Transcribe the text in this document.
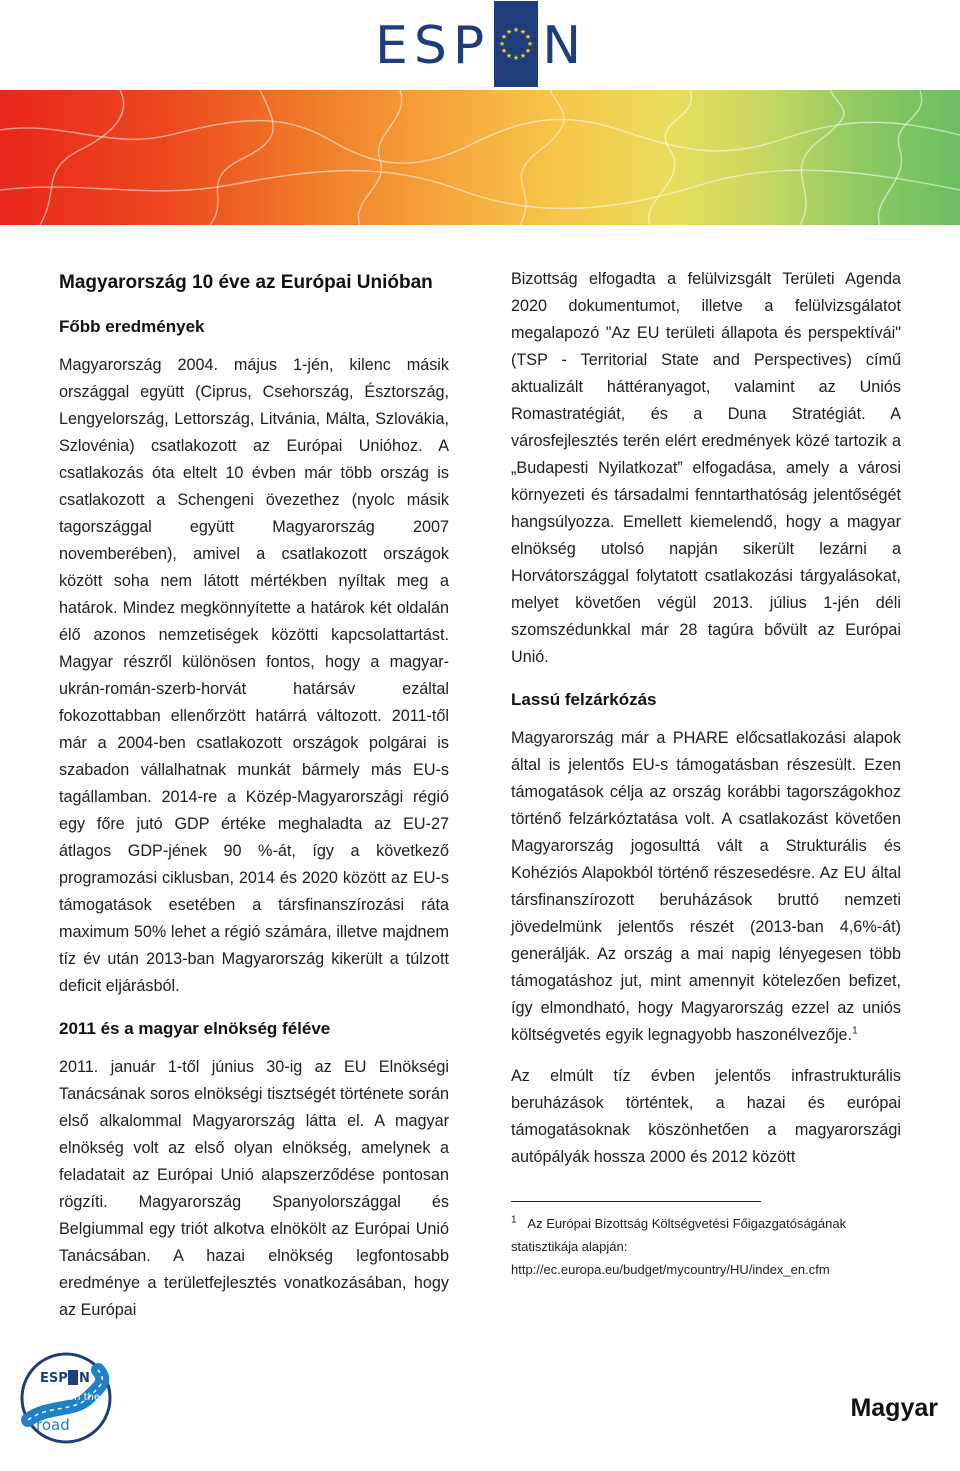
ESP	★ ★
★
★
★
★
★
★
★
★
★
★ N
Magyarország 10 éve az Európai Unióban
Főbb eredmények

Magyarország 2004. május 1-jén, kilenc másik országgal együtt (Ciprus, Csehország, Észtország, Lengyelország, Lettország, Litvánia, Málta, Szlovákia, Szlovénia) csatlakozott az Európai Unióhoz. A csatlakozás óta eltelt 10 évben már több ország is csatlakozott a Schengeni övezethez (nyolc másik tagországgal együtt Magyarország 2007 novemberében), amivel a csatlakozott országok között soha nem látott mértékben nyíltak meg a határok. Mindez megkönnyítette a határok két oldalán élő azonos nemzetiségek közötti kapcsolattartást. Magyar részről különösen fontos, hogy a magyar-ukrán-román-szerb-horvát határsáv ezáltal fokozottabban ellenőrzött határrá változott. 2011-től már a 2004-ben csatlakozott országok polgárai is szabadon vállalhatnak munkát bármely más EU-s tagállamban. 2014-re a Közép-Magyarországi régió egy főre jutó GDP értéke meghaladta az EU-27 átlagos GDP-jének 90 %-át, így a következő programozási ciklusban, 2014 és 2020 között az EU-s támogatások esetében a társfinanszírozási ráta maximum 50% lehet a régió számára, illetve majdnem tíz év után 2013-ban Magyarország kikerült a túlzott deficit eljárásból.

2011 és a magyar elnökség féléve

2011. január 1-től június 30-ig az EU Elnökségi Tanácsának soros elnökségi tisztségét története során első alkalommal Magyarország látta el. A magyar elnökség volt az első olyan elnökség, amelynek a feladatait az Európai Unió alapszerződése pontosan rögzíti. Magyarország Spanyolországgal és Belgiummal egy triót alkotva elnökölt az Európai Unió Tanácsában. A hazai elnökség legfontosabb eredménye a területfejlesztés vonatkozásában, hogy az Európai

Bizottság elfogadta a felülvizsgált Területi Agenda 2020 dokumentumot, illetve a felülvizsgálatot megalapozó "Az EU területi állapota és perspektívái" (TSP - Territorial State and Perspectives) című aktualizált háttéranyagot, valamint az Uniós Romastratégiát, és a Duna Stratégiát. A városfejlesztés terén elért eredmények közé tartozik a „Budapesti Nyilatkozat” elfogadása, amely a városi környezeti és társadalmi fenntarthatóság jelentőségét hangsúlyozza. Emellett kiemelendő, hogy a magyar elnökség utolsó napján sikerült lezárni a Horvátországgal folytatott csatlakozási tárgyalásokat, melyet követően végül 2013. július 1-jén déli szomszédunkkal már 28 tagúra bővült az Európai Unió.

Lassú felzárkózás

Magyarország már a PHARE előcsatlakozási alapok által is jelentős EU-s támogatásban részesült. Ezen támogatások célja az ország korábbi tagországokhoz történő felzárkóztatása volt. A csatlakozást követően Magyarország jogosulttá vált a Strukturális és Kohéziós Alapokból történő részesedésre. Az EU által társfinanszírozott beruházások bruttó nemzeti jövedelmünk jelentős részét (2013-ban 4,6%-át) generálják. Az ország a mai napig lényegesen több támogatáshoz jut, mint amennyit kötelezően befizet, így elmondható, hogy Magyarország ezzel az uniós költségvetés egyik legnagyobb haszonélvezője.$^1$

Az elmúlt tíz évben jelentős infrastrukturális beruházások történtek, a hazai és európai támogatásoknak köszönhetően a magyarországi autópályák hossza 2000 és 2012 között

$^1$ Az Európai Bizottság Költségvetési Főigazgatóságának statisztikája alapján:
http://ec.europa.eu/budget/mycountry/HU/index_en.cfm

ESP N
on the
road
Magyar
